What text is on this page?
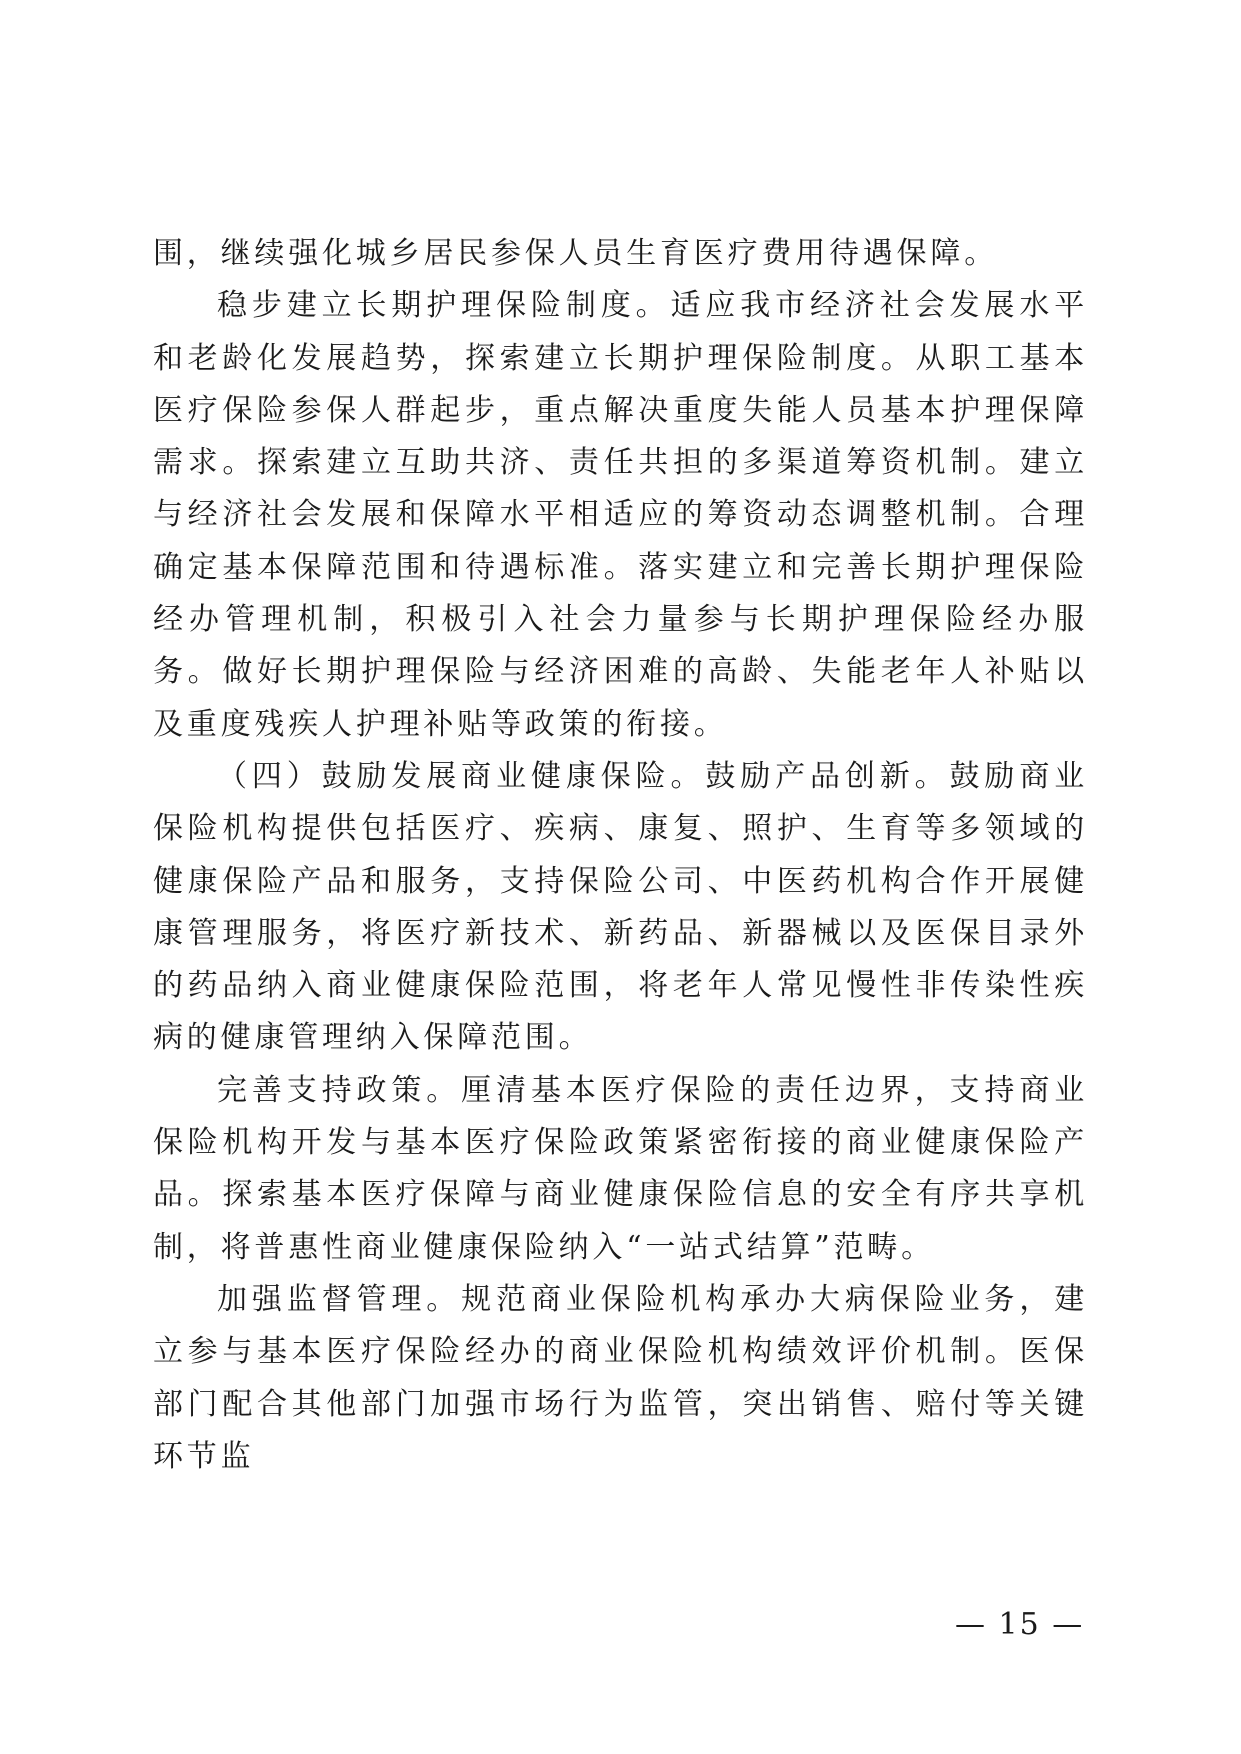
围，继续强化城乡居民参保人员生育医疗费用待遇保障。

稳步建立长期护理保险制度。适应我市经济社会发展水平和老龄化发展趋势，探索建立长期护理保险制度。从职工基本医疗保险参保人群起步，重点解决重度失能人员基本护理保障需求。探索建立互助共济、责任共担的多渠道筹资机制。建立与经济社会发展和保障水平相适应的筹资动态调整机制。合理确定基本保障范围和待遇标准。落实建立和完善长期护理保险经办管理机制，积极引入社会力量参与长期护理保险经办服务。做好长期护理保险与经济困难的高龄、失能老年人补贴以及重度残疾人护理补贴等政策的衔接。

（四）鼓励发展商业健康保险。鼓励产品创新。鼓励商业保险机构提供包括医疗、疾病、康复、照护、生育等多领域的健康保险产品和服务，支持保险公司、中医药机构合作开展健康管理服务，将医疗新技术、新药品、新器械以及医保目录外的药品纳入商业健康保险范围，将老年人常见慢性非传染性疾病的健康管理纳入保障范围。

完善支持政策。厘清基本医疗保险的责任边界，支持商业保险机构开发与基本医疗保险政策紧密衔接的商业健康保险产品。探索基本医疗保障与商业健康保险信息的安全有序共享机制，将普惠性商业健康保险纳入“一站式结算”范畴。

加强监督管理。规范商业保险机构承办大病保险业务，建立参与基本医疗保险经办的商业保险机构绩效评价机制。医保部门配合其他部门加强市场行为监管，突出销售、赔付等关键环节监

— 15 —
